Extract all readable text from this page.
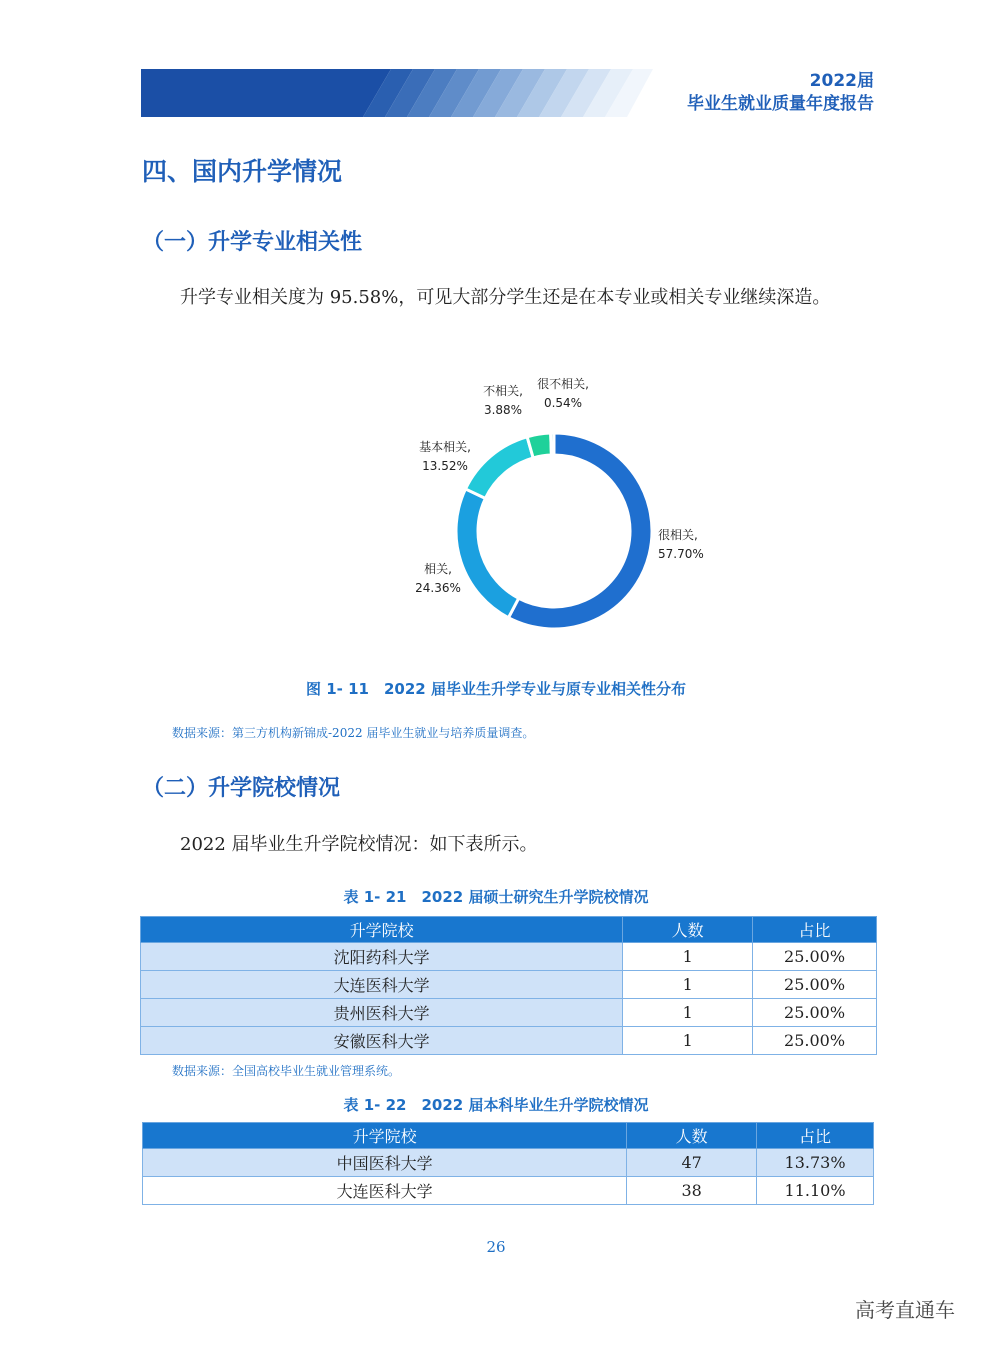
2022届
毕业生就业质量年度报告
四、国内升学情况
（一）升学专业相关性
升学专业相关度为 95.58%，可见大部分学生还是在本专业或相关专业继续深造。
很相关,
57.70%
相关,
24.36%
基本相关,
13.52%
不相关,
3.88%
很不相关,
0.54%
图 1- 11　2022 届毕业生升学专业与原专业相关性分布
数据来源：第三方机构新锦成-2022 届毕业生就业与培养质量调查。
（二）升学院校情况
2022 届毕业生升学院校情况：如下表所示。
表 1- 21　2022 届硕士研究生升学院校情况
升学院校	人数	占比
沈阳药科大学	1	25.00%
大连医科大学	1	25.00%
贵州医科大学	1	25.00%
安徽医科大学	1	25.00%
数据来源：全国高校毕业生就业管理系统。
表 1- 22　2022 届本科毕业生升学院校情况
升学院校	人数	占比
中国医科大学	47	13.73%
大连医科大学	38	11.10%
26
高考直通车
